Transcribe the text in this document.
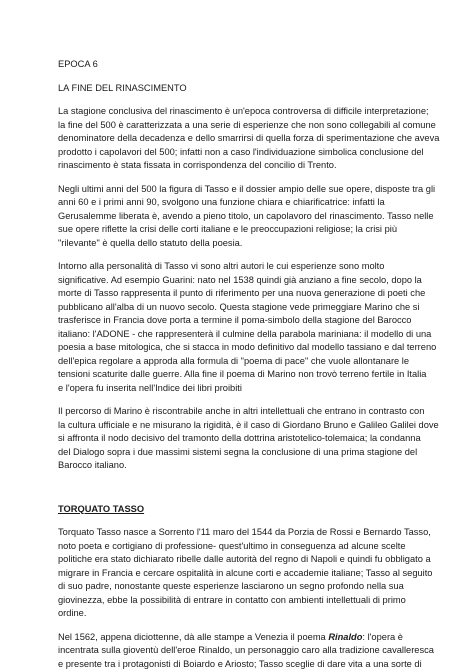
EPOCA 6

LA FINE DEL RINASCIMENTO

La stagione conclusiva del rinascimento è un'epoca controversa di difficile interpretazione;
la fine del 500 è caratterizzata a una serie di esperienze che non sono collegabili al comune
denominatore della decadenza e dello smarrirsi di quella forza di sperimentazione che aveva
prodotto i capolavori del 500; infatti non a caso l'individuazione simbolica conclusione del
rinascimento è stata fissata in corrispondenza del concilio di Trento.

Negli ultimi anni del 500 la figura di Tasso e il dossier ampio delle sue opere, disposte tra gli
anni 60 e i primi anni 90, svolgono una funzione chiara e chiarificatrice: infatti la
Gerusalemme liberata è, avendo a pieno titolo, un capolavoro del rinascimento. Tasso nelle
sue opere riflette la crisi delle corti italiane e le preoccupazioni religiose; la crisi più
"rilevante" è quella dello statuto della poesia.

Intorno alla personalità di Tasso vi sono altri autori le cui esperienze sono molto
significative. Ad esempio Guarini: nato nel 1538 quindi già anziano a fine secolo, dopo la
morte di Tasso rappresenta il punto di riferimento per una nuova generazione di poeti che
pubblicano all'alba di un nuovo secolo. Questa stagione vede primeggiare Marino che si
trasferisce in Francia dove porta a termine il poma-simbolo della stagione del Barocco
italiano: l'ADONE - che rappresenterà il culmine della parabola mariniana: il modello di una
poesia a base mitologica, che si stacca in modo definitivo dal modello tassiano e dal terreno
dell'epica regolare a approda alla formula di "poema di pace" che vuole allontanare le
tensioni scaturite dalle guerre. Alla fine il poema di Marino non trovò terreno fertile in Italia
e l'opera fu inserita nell'Indice dei libri proibiti

Il percorso di Marino è riscontrabile anche in altri intellettuali che entrano in contrasto con
la cultura ufficiale e ne misurano la rigidità, è il caso di Giordano Bruno e Galileo Galilei dove
si affronta il nodo decisivo del tramonto della dottrina aristotelico-tolemaica; la condanna
del Dialogo sopra i due massimi sistemi segna la conclusione di una prima stagione del
Barocco italiano.

TORQUATO TASSO

Torquato Tasso nasce a Sorrento l'11 maro del 1544 da Porzia de Rossi e Bernardo Tasso,
noto poeta e cortigiano di professione- quest'ultimo in conseguenza ad alcune scelte
politiche era stato dichiarato ribelle dalle autorità del regno di Napoli e quindi fu obbligato a
migrare in Francia e cercare ospitalità in alcune corti e accademie italiane; Tasso al seguito
di suo padre, nonostante queste esperienze lasciarono un segno profondo nella sua
giovinezza, ebbe la possibilità di entrare in contatto con ambienti intellettuali di primo
ordine.

Nel 1562, appena diciottenne, dà alle stampe a Venezia il poema Rinaldo: l'opera è
incentrata sulla gioventù dell'eroe Rinaldo, un personaggio caro alla tradizione cavalleresca
e presente tra i protagonisti di Boiardo e Ariosto; Tasso sceglie di dare vita a una sorte di
